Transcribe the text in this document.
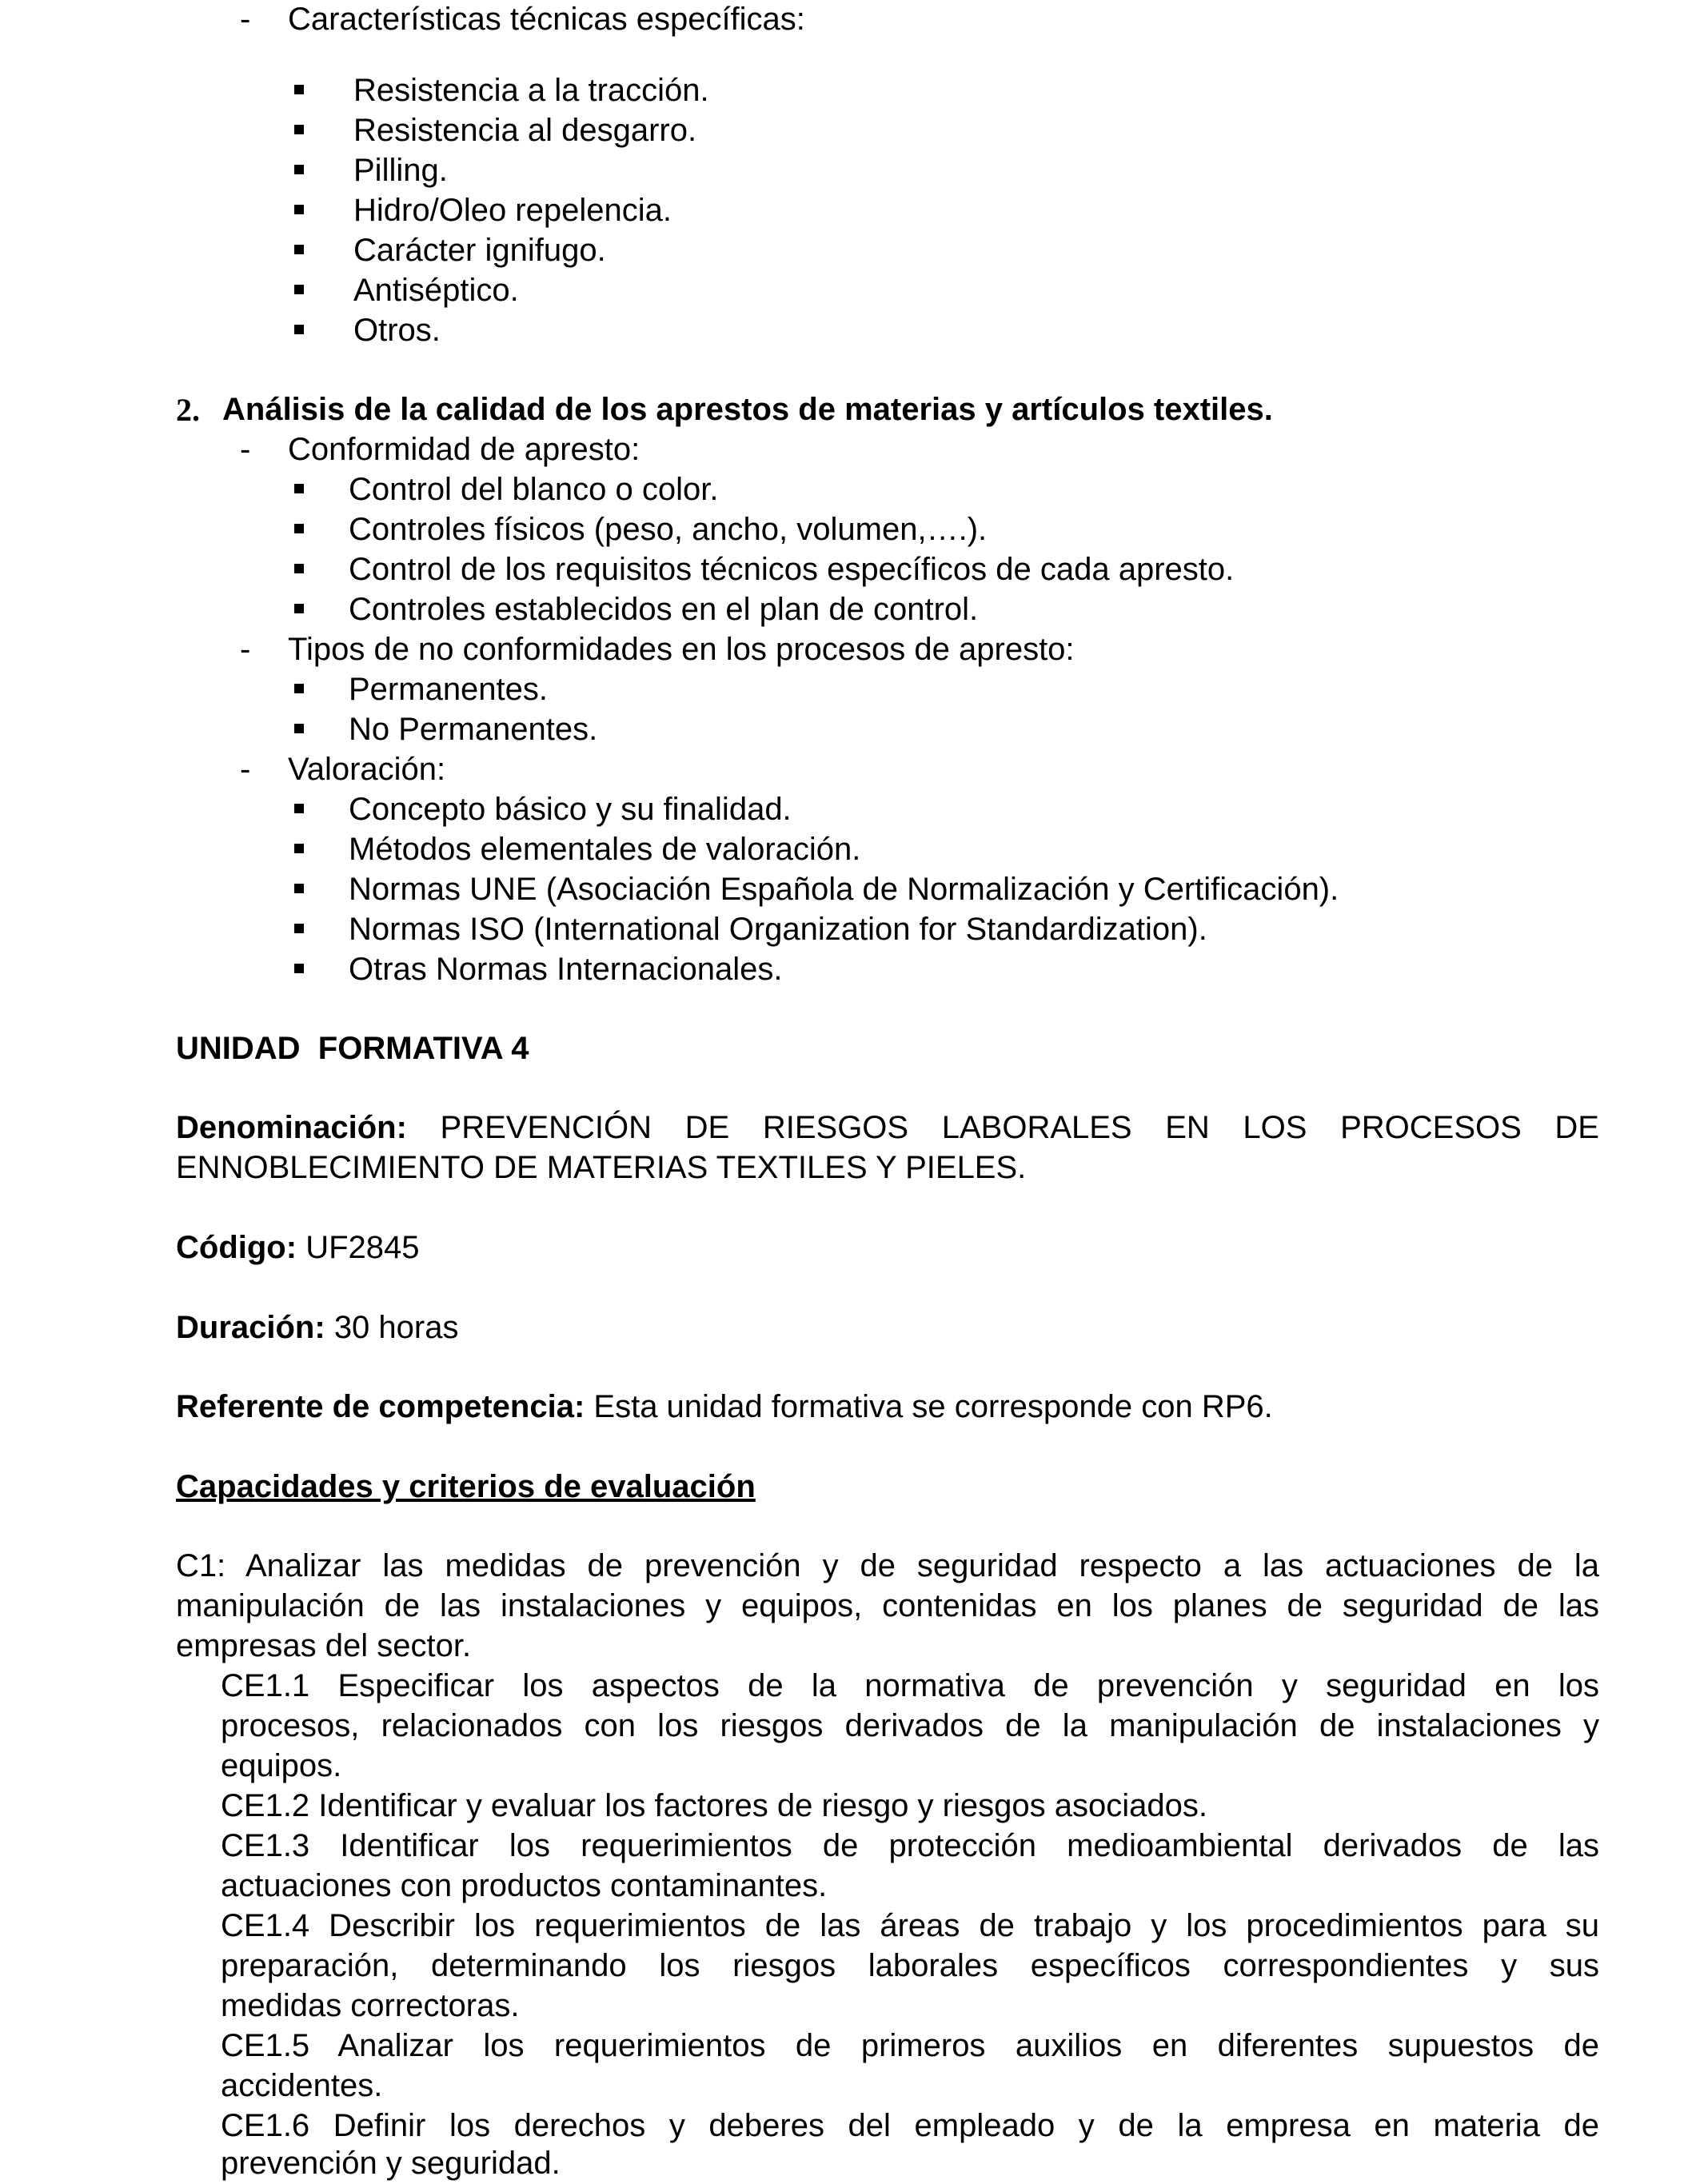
- Características técnicas específicas:
Resistencia a la tracción.
Resistencia al desgarro.
Pilling.
Hidro/Oleo repelencia.
Carácter ignifugo.
Antiséptico.
Otros.
2. Análisis de la calidad de los aprestos de materias y artículos textiles.
- Conformidad de apresto:
Control del blanco o color.
Controles físicos (peso, ancho, volumen,….).
Control de los requisitos técnicos específicos de cada apresto.
Controles establecidos en el plan de control.
- Tipos de no conformidades en los procesos de apresto:
Permanentes.
No Permanentes.
- Valoración:
Concepto básico y su finalidad.
Métodos elementales de valoración.
Normas UNE (Asociación Española de Normalización y Certificación).
Normas ISO (International Organization for Standardization).
Otras Normas Internacionales.
UNIDAD  FORMATIVA 4
Denominación: PREVENCIÓN DE RIESGOS LABORALES EN LOS PROCESOS DE
ENNOBLECIMIENTO DE MATERIAS TEXTILES Y PIELES.
Código: UF2845
Duración: 30 horas
Referente de competencia: Esta unidad formativa se corresponde con RP6.
Capacidades y criterios de evaluación
C1: Analizar las medidas de prevención y de seguridad respecto a las actuaciones de la
manipulación de las instalaciones y equipos, contenidas en los planes de seguridad de las
empresas del sector.
CE1.1 Especificar los aspectos de la normativa de prevención y seguridad en los
procesos, relacionados con los riesgos derivados de la manipulación de instalaciones y
equipos.
CE1.2 Identificar y evaluar los factores de riesgo y riesgos asociados.
CE1.3 Identificar los requerimientos de protección medioambiental derivados de las
actuaciones con productos contaminantes.
CE1.4 Describir los requerimientos de las áreas de trabajo y los procedimientos para su
preparación, determinando los riesgos laborales específicos correspondientes y sus
medidas correctoras.
CE1.5 Analizar los requerimientos de primeros auxilios en diferentes supuestos de
accidentes.
CE1.6 Definir los derechos y deberes del empleado y de la empresa en materia de
prevención y seguridad.
